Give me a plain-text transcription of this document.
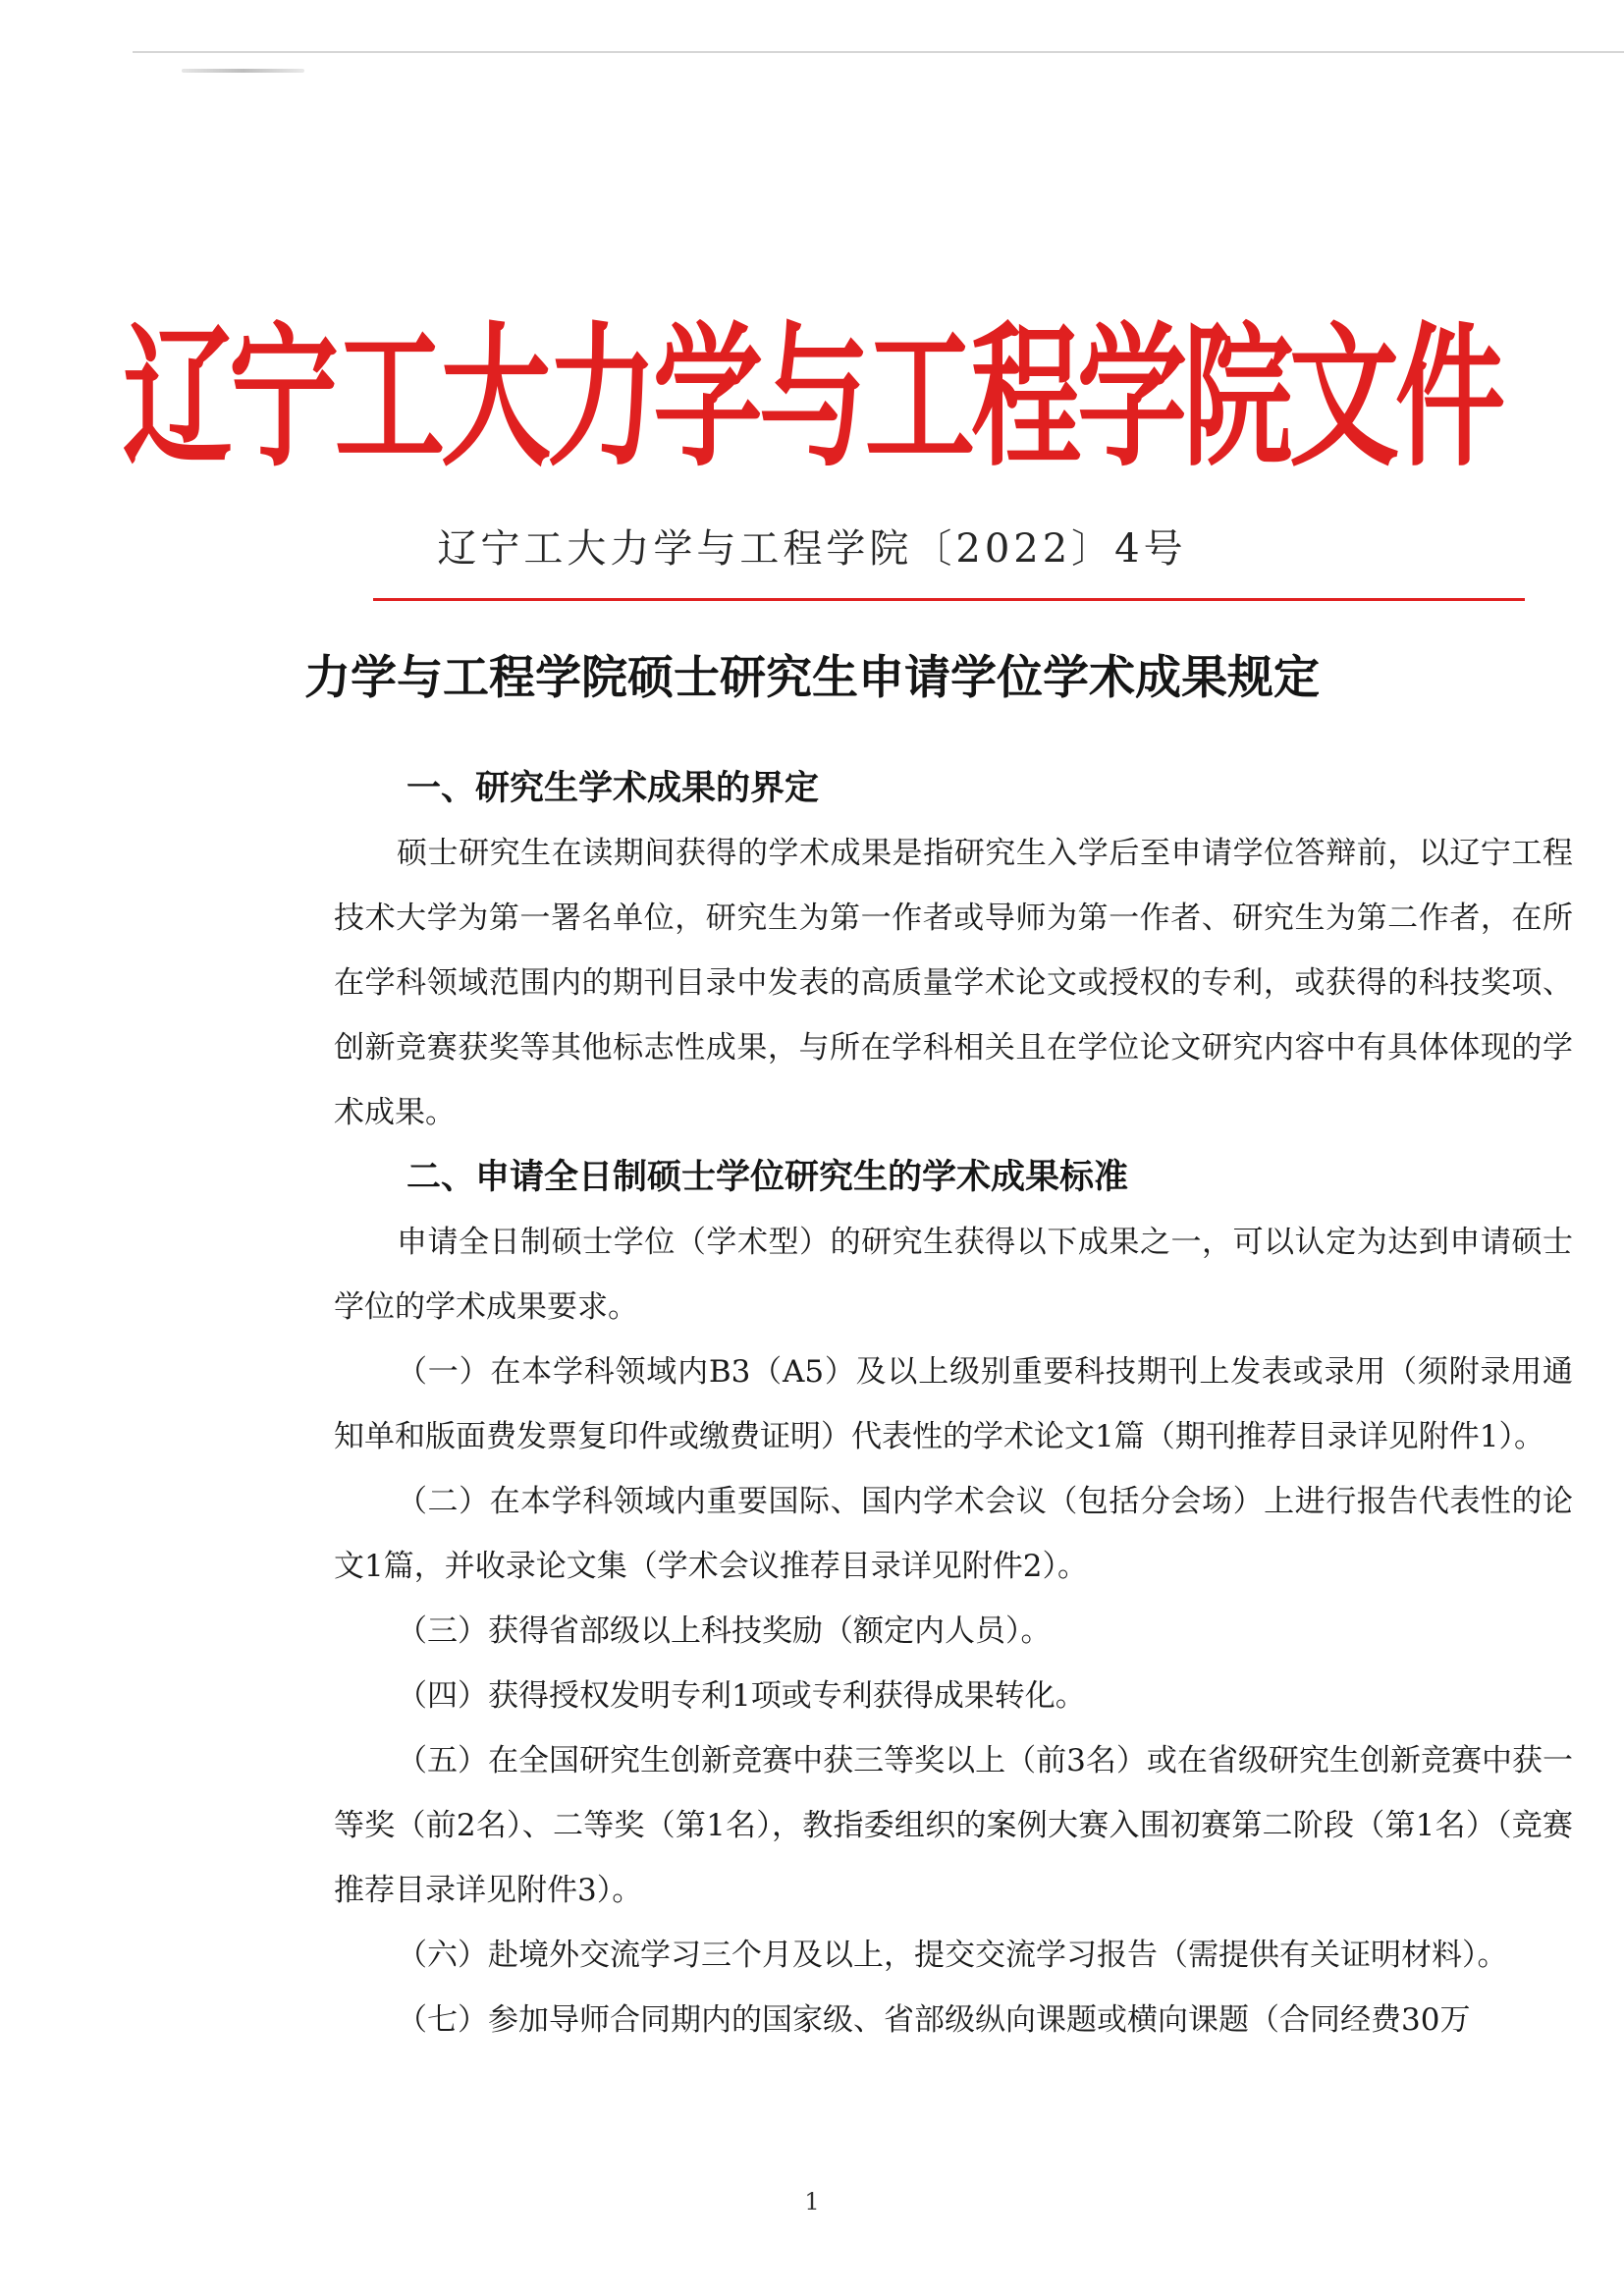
辽宁工大力学与工程学院文件
辽宁工大力学与工程学院〔2022〕4号
力学与工程学院硕士研究生申请学位学术成果规定
一、研究生学术成果的界定

硕士研究生在读期间获得的学术成果是指研究生入学后至申请学位答辩前，以辽宁工程技术大学为第一署名单位，研究生为第一作者或导师为第一作者、研究生为第二作者，在所在学科领域范围内的期刊目录中发表的高质量学术论文或授权的专利，或获得的科技奖项、创新竞赛获奖等其他标志性成果，与所在学科相关且在学位论文研究内容中有具体体现的学术成果。

二、申请全日制硕士学位研究生的学术成果标准

申请全日制硕士学位（学术型）的研究生获得以下成果之一，可以认定为达到申请硕士学位的学术成果要求。

（一）在本学科领域内B3（A5）及以上级别重要科技期刊上发表或录用（须附录用通知单和版面费发票复印件或缴费证明）代表性的学术论文1篇（期刊推荐目录详见附件1）。

（二）在本学科领域内重要国际、国内学术会议（包括分会场）上进行报告代表性的论文1篇，并收录论文集（学术会议推荐目录详见附件2）。

（三）获得省部级以上科技奖励（额定内人员）。

（四）获得授权发明专利1项或专利获得成果转化。

（五）在全国研究生创新竞赛中获三等奖以上（前3名）或在省级研究生创新竞赛中获一等奖（前2名）、二等奖（第1名），教指委组织的案例大赛入围初赛第二阶段（第1名）（竞赛推荐目录详见附件3）。

（六）赴境外交流学习三个月及以上，提交交流学习报告（需提供有关证明材料）。

（七）参加导师合同期内的国家级、省部级纵向课题或横向课题（合同经费30万

1
